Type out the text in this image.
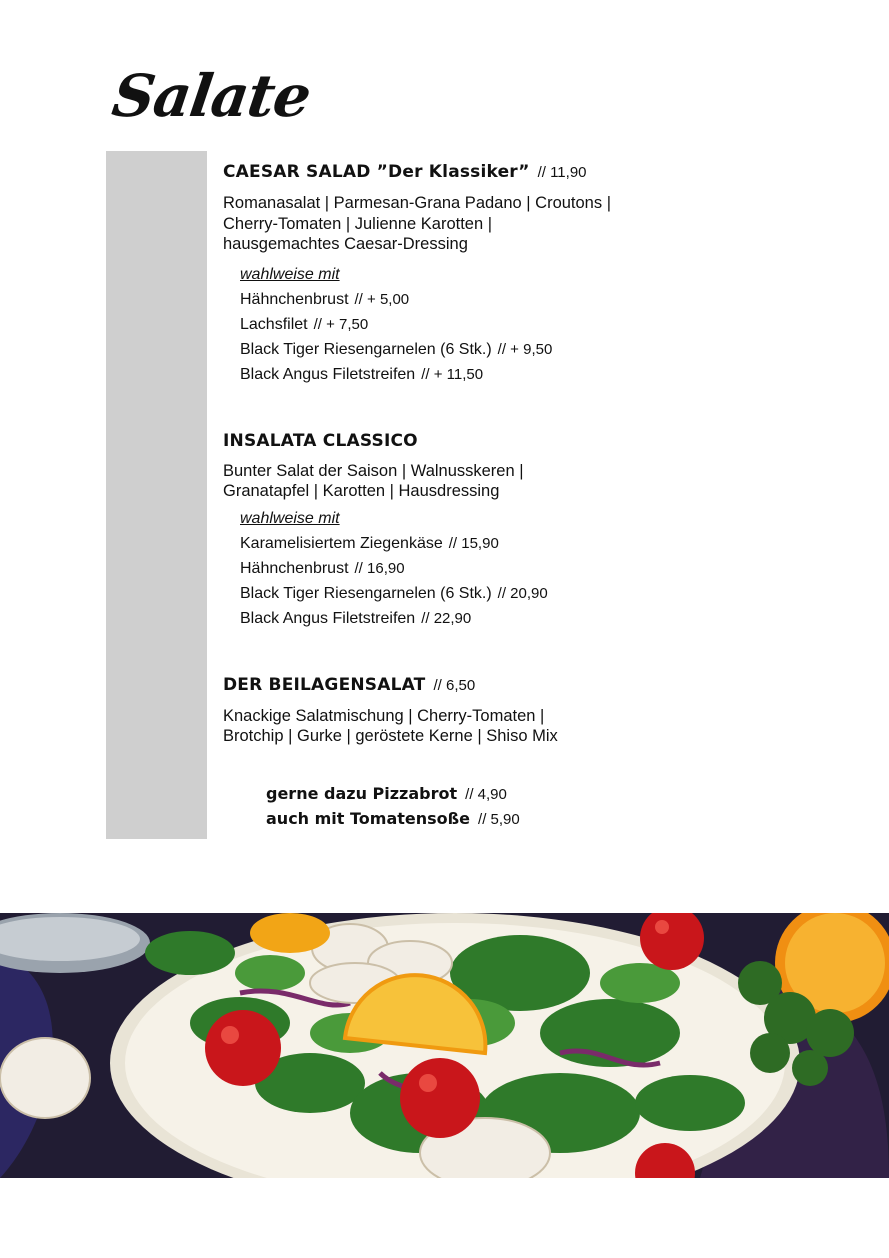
Salate
CAESAR SALAD ”Der Klassiker” // 11,90
Romanasalat | Parmesan-Grana Padano | Croutons |
Cherry-Tomaten | Julienne Karotten |
hausgemachtes Caesar-Dressing
wahlweise mit
Hähnchenbrust // + 5,00
Lachsfilet // + 7,50
Black Tiger Riesengarnelen (6 Stk.) // + 9,50
Black Angus Filetstreifen // + 11,50
INSALATA CLASSICO
Bunter Salat der Saison | Walnusskeren |
Granatapfel | Karotten | Hausdressing
wahlweise mit
Karamelisiertem Ziegenkäse // 15,90
Hähnchenbrust // 16,90
Black Tiger Riesengarnelen (6 Stk.) // 20,90
Black Angus Filetstreifen // 22,90
DER BEILAGENSALAT // 6,50
Knackige Salatmischung | Cherry-Tomaten |
Brotchip | Gurke | geröstete Kerne | Shiso Mix
gerne dazu Pizzabrot // 4,90
auch mit Tomatensoße // 5,90
